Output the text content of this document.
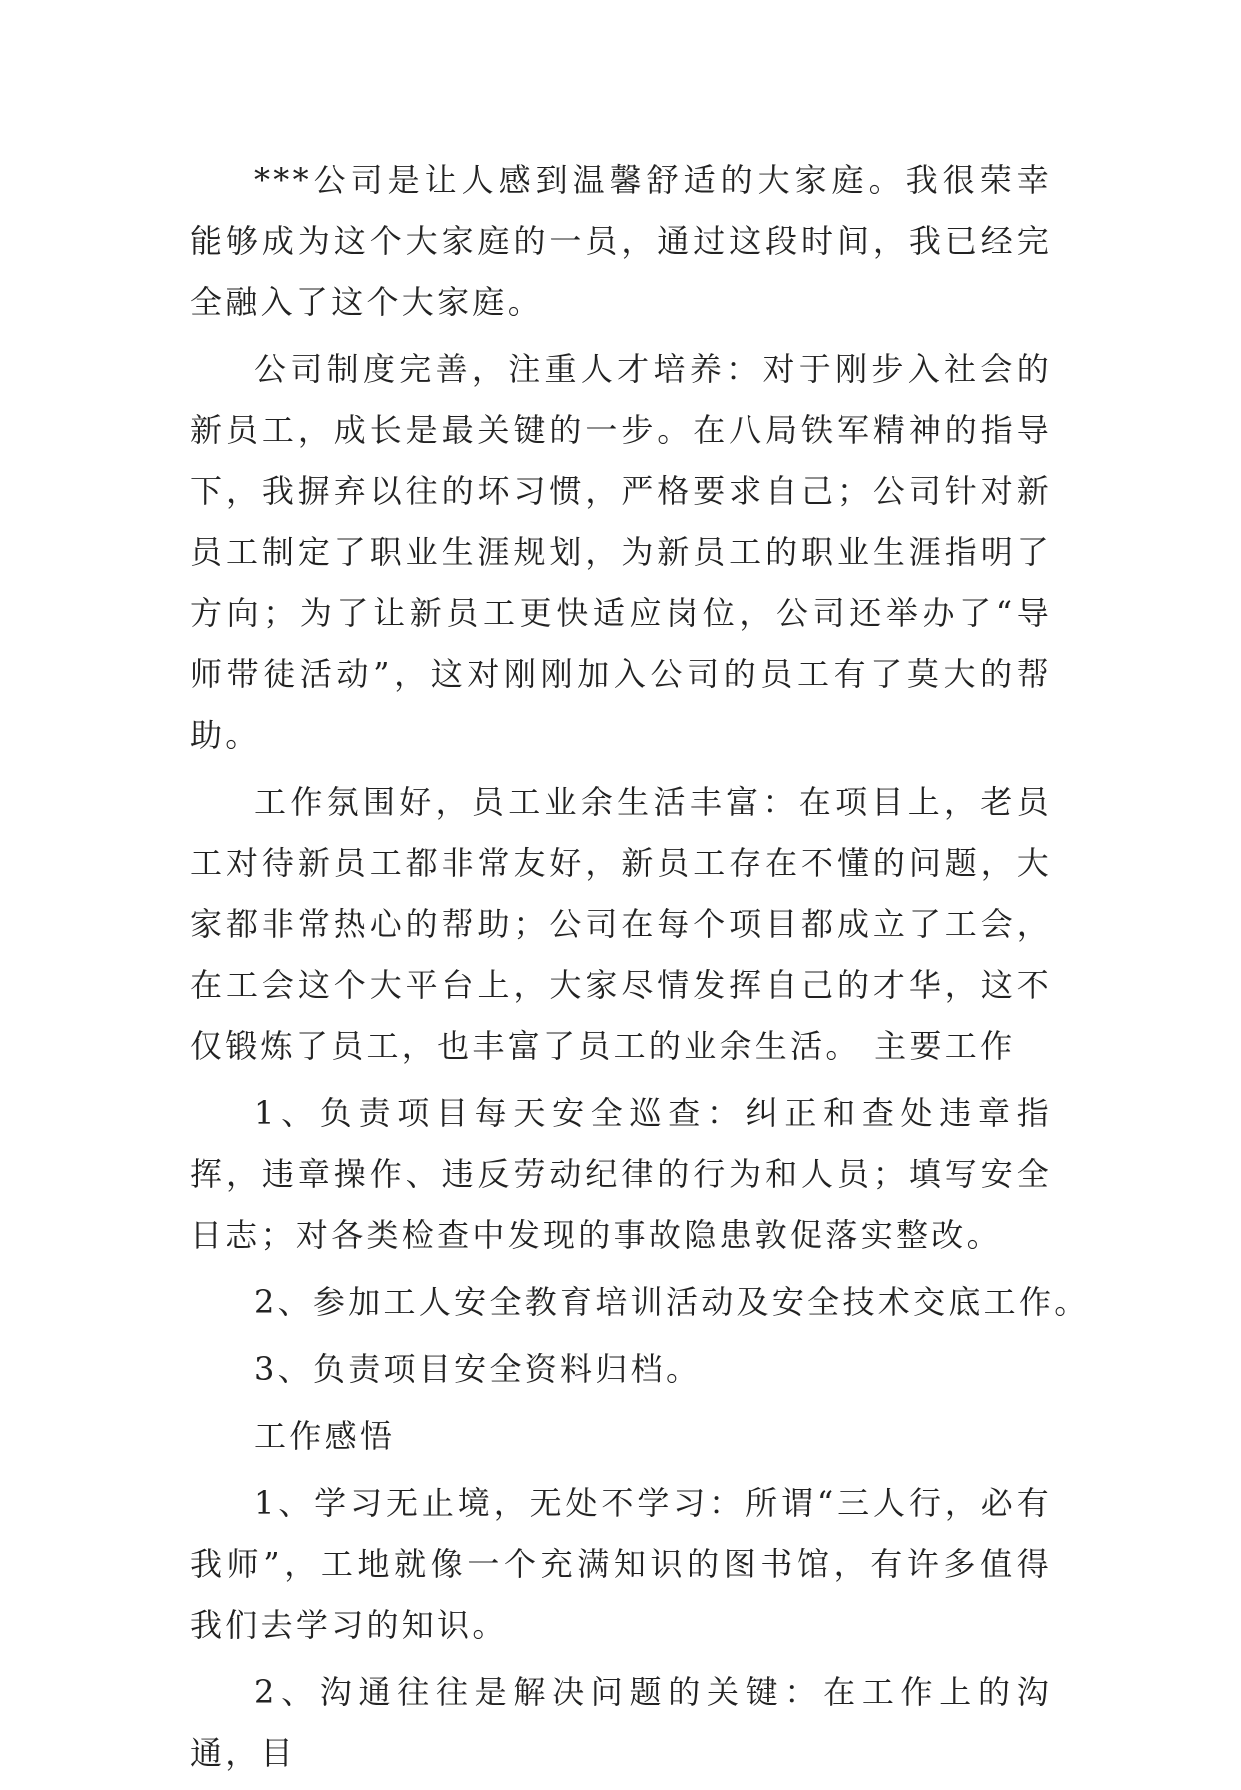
***公司是让人感到温馨舒适的大家庭。我很荣幸能够成为这个大家庭的一员，通过这段时间，我已经完全融入了这个大家庭。

公司制度完善，注重人才培养：对于刚步入社会的新员工，成长是最关键的一步。在八局铁军精神的指导下，我摒弃以往的坏习惯，严格要求自己；公司针对新员工制定了职业生涯规划，为新员工的职业生涯指明了方向；为了让新员工更快适应岗位，公司还举办了“导师带徒活动”，这对刚刚加入公司的员工有了莫大的帮助。

工作氛围好，员工业余生活丰富：在项目上，老员工对待新员工都非常友好，新员工存在不懂的问题，大家都非常热心的帮助；公司在每个项目都成立了工会，在工会这个大平台上，大家尽情发挥自己的才华，这不仅锻炼了员工，也丰富了员工的业余生活。 主要工作

1、负责项目每天安全巡查：纠正和查处违章指挥，违章操作、违反劳动纪律的行为和人员；填写安全日志；对各类检查中发现的事故隐患敦促落实整改。

2、参加工人安全教育培训活动及安全技术交底工作。

3、负责项目安全资料归档。

工作感悟

1、学习无止境，无处不学习：所谓“三人行，必有我师”，工地就像一个充满知识的图书馆，有许多值得我们去学习的知识。

2、沟通往往是解决问题的关键：在工作上的沟通，目
